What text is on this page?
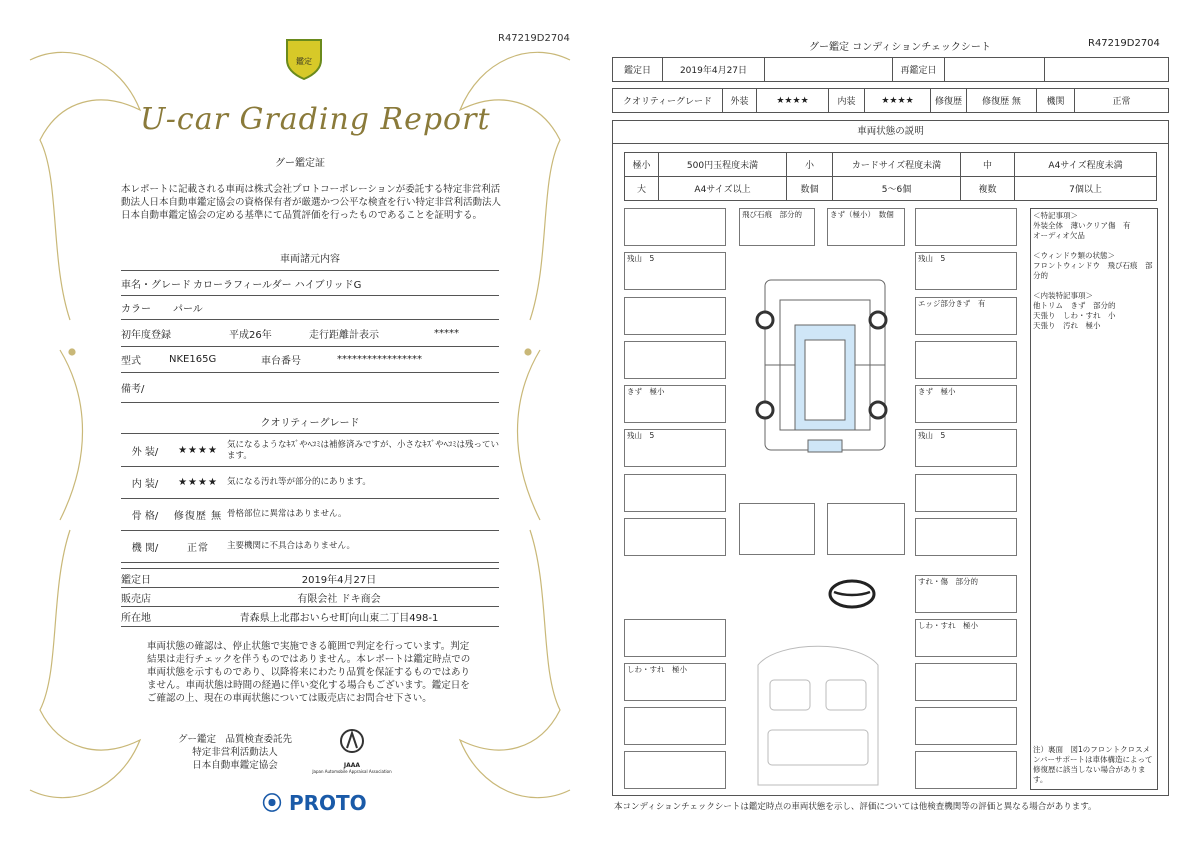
R47219D2704
鑑定
U-car Grading Report
グー鑑定証
本レポートに記載される車両は株式会社プロトコーポレーションが委託する特定非営利活動法人日本自動車鑑定協会の資格保有者が厳選かつ公平な検査を行い特定非営利活動法人日本自動車鑑定協会の定める基準にて品質評価を行ったものであることを証明する。
車両諸元内容
車名・グレード カローラフィールダー ハイブリッドG
カラー	パール
初年度登録	平成26年	走行距離計表示	*****
型式	NKE165G	車台番号	*****************
備考/
クオリティーグレード
外 装/	★★★★
気になるようなｷｽﾞやﾍｺﾐは補修済みですが、小さなｷｽﾞやﾍｺﾐは残っています。
内 装/	★★★★	気になる汚れ等が部分的にあります。
骨 格/	修復歴 無 骨格部位に異常はありません。
機 関/	正常	主要機関に不具合はありません。
鑑定日	2019年4月27日
販売店	有限会社 ドキ商会
所在地	青森県上北郡おいらせ町向山東二丁目498-1
車両状態の確認は、停止状態で実施できる範囲で判定を行っています。判定結果は走行チェックを伴うものではありません。本レポートは鑑定時点での車両状態を示すものであり、以降将来にわたり品質を保証するものではありません。車両状態は時間の経過に伴い変化する場合もございます。鑑定日をご確認の上、現在の車両状態については販売店にお問合せ下さい。
グー鑑定　品質検査委託先
特定非営利活動法人
日本自動車鑑定協会	JAAA
Japan Automobile Appraisal Association
⦿ PROTO
グー鑑定 コンディションチェックシート	R47219D2704
鑑定日	2019年4月27日		再鑑定日		
クオリティーグレード	外装	★★★★	内装	★★★★	修復歴	修復歴 無	機関	正常
車両状態の説明
極小	500円玉程度未満	小	カードサイズ程度未満	中	A4サイズ程度未満
大	A4サイズ以上	数個	5〜6個	複数	7個以上
飛び石痕　部分的	きず（極小）　数個
残山　5	残山　5
エッジ部分きず　有
きず　極小	きず　極小
残山　5	残山　5
すれ・傷　部分的
しわ・すれ　極小
しわ・すれ　極小
＜特記事項＞
外装全体　薄いクリア傷　有
オーディオ欠品

＜ウィンドウ類の状態＞
フロントウィンドウ　飛び石痕　部分的

＜内装特記事項＞
他トリム　きず　部分的
天張り　しわ・すれ　小
天張り　汚れ　極小
注）裏面　図1のフロントクロスメンバーサポートは車体構造によって修復歴に該当しない場合があります。
本コンディションチェックシートは鑑定時点の車両状態を示し、評価については他検査機関等の評価と異なる場合があります。
